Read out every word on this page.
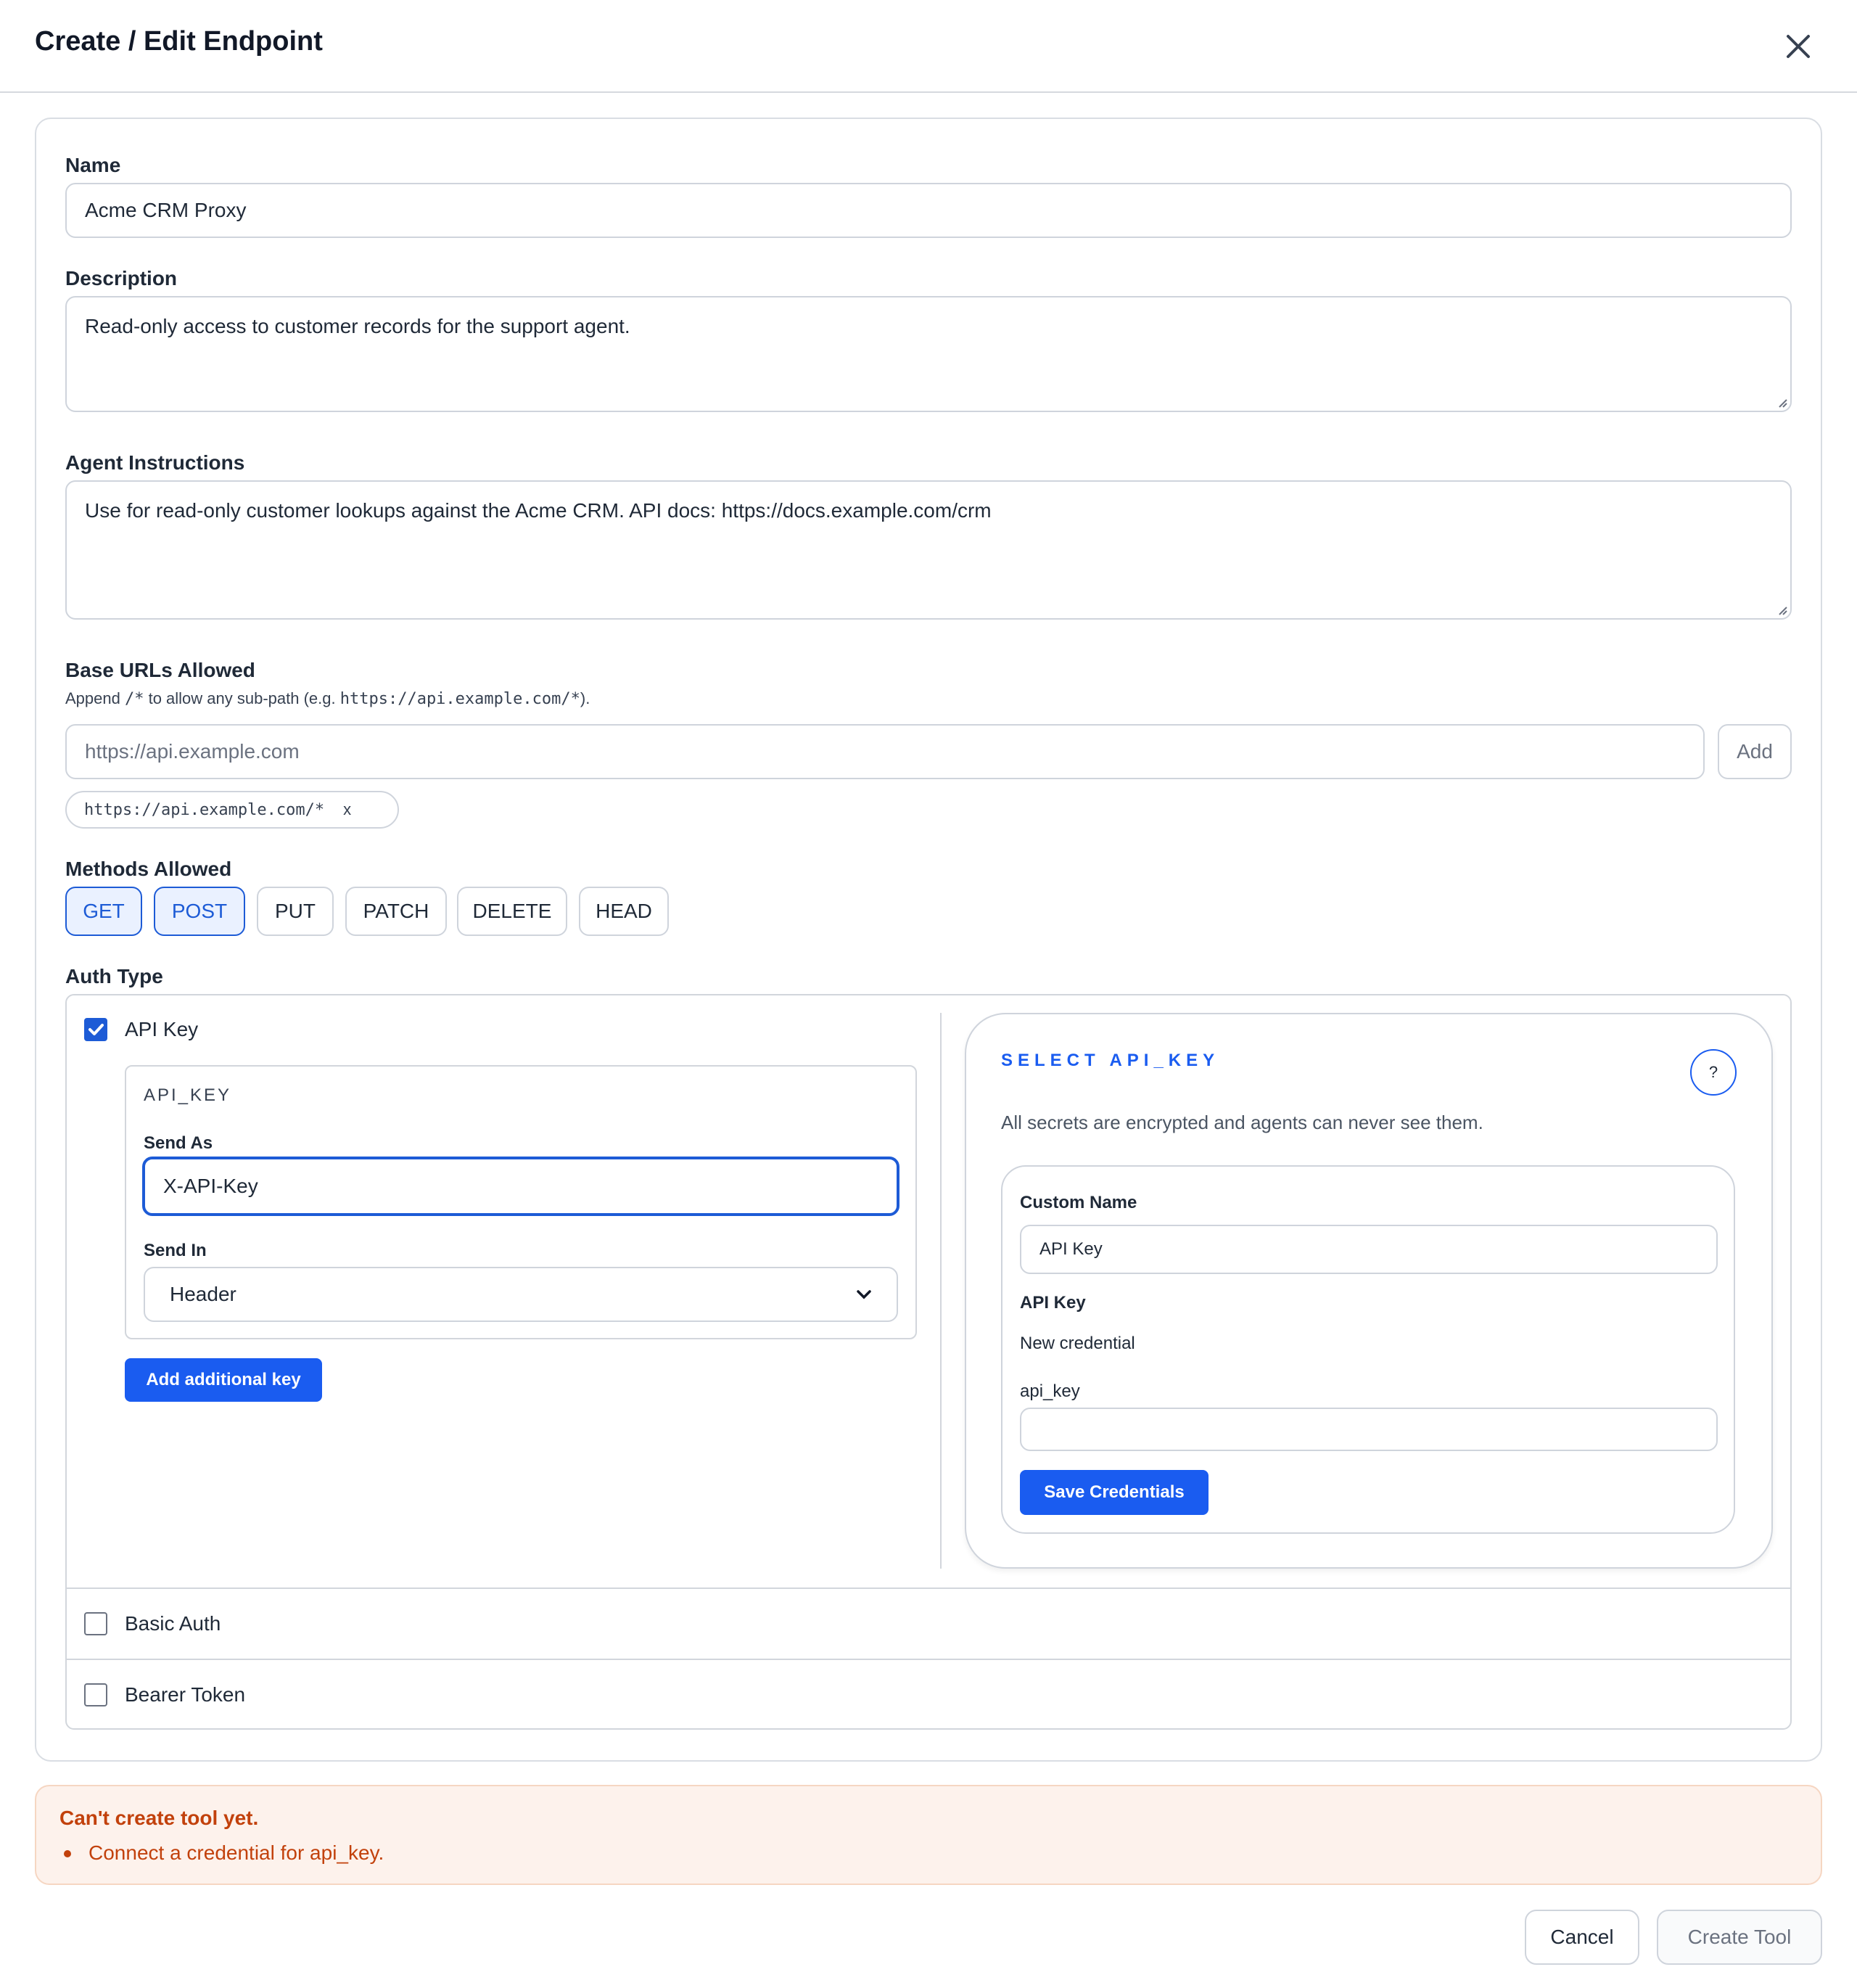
Create / Edit Endpoint
Name
Acme CRM Proxy
Description
Read-only access to customer records for the support agent.
Agent Instructions
Use for read-only customer lookups against the Acme CRM. API docs: https://docs.example.com/crm
Base URLs Allowed
Append /* to allow any sub-path (e.g. https://api.example.com/*).
https://api.example.com	Add
https://api.example.com/* x
Methods Allowed
GET	POST	PUT	PATCH	DELETE	HEAD
Auth Type
API Key
API_KEY
Send As
X-API-Key
Send In
Header
Add additional key
SELECT API_KEY
?
All secrets are encrypted and agents can never see them.
Custom Name
API Key
API Key
New credential
api_key
Save Credentials
Basic Auth
Bearer Token
Can't create tool yet.
Connect a credential for api_key.
Cancel	Create Tool
